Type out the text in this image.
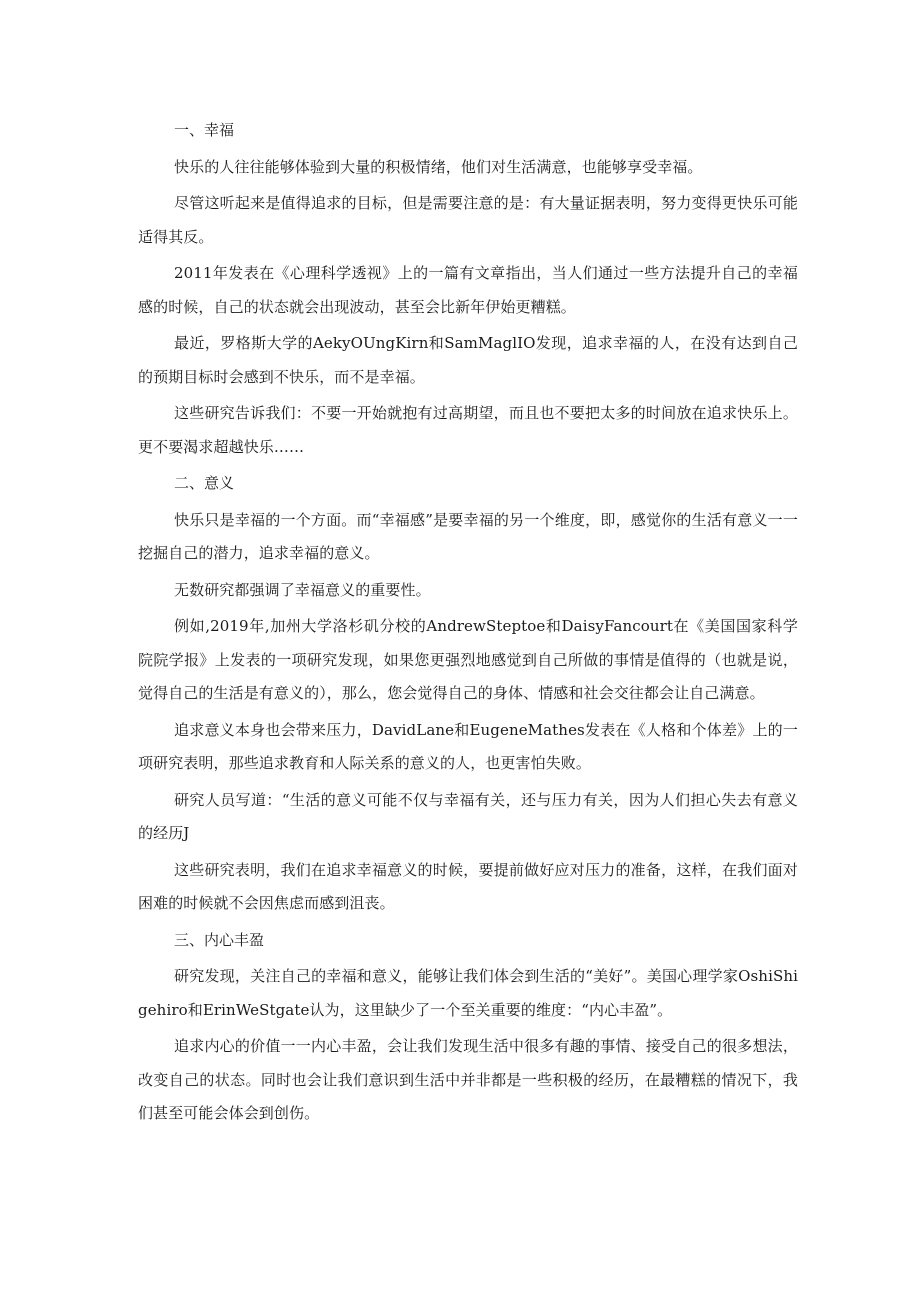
一、幸福

快乐的人往往能够体验到大量的积极情绪，他们对生活满意，也能够享受幸福。

尽管这听起来是值得追求的目标，但是需要注意的是：有大量证据表明，努力变得更快乐可能适得其反。

2011年发表在《心理科学透视》上的一篇有文章指出，当人们通过一些方法提升自己的幸福感的时候，自己的状态就会出现波动，甚至会比新年伊始更糟糕。

最近，罗格斯大学的AekyOUngKirn和SamMaglIO发现，追求幸福的人，在没有达到自己的预期目标时会感到不快乐，而不是幸福。

这些研究告诉我们：不要一开始就抱有过高期望，而且也不要把太多的时间放在追求快乐上。更不要渴求超越快乐……

二、意义

快乐只是幸福的一个方面。而“幸福感”是要幸福的另一个维度，即，感觉你的生活有意义一一挖掘自己的潜力，追求幸福的意义。

无数研究都强调了幸福意义的重要性。

例如,2019年,加州大学洛杉矶分校的AndrewSteptoe和DaisyFancourt在《美国国家科学院院学报》上发表的一项研究发现，如果您更强烈地感觉到自己所做的事情是值得的（也就是说，觉得自己的生活是有意义的），那么，您会觉得自己的身体、情感和社会交往都会让自己满意。

追求意义本身也会带来压力，DavidLane和EugeneMathes发表在《人格和个体差》上的一项研究表明，那些追求教育和人际关系的意义的人，也更害怕失败。

研究人员写道：“生活的意义可能不仅与幸福有关，还与压力有关，因为人们担心失去有意义的经历J

这些研究表明，我们在追求幸福意义的时候，要提前做好应对压力的准备，这样，在我们面对困难的时候就不会因焦虑而感到沮丧。

三、内心丰盈

研究发现，关注自己的幸福和意义，能够让我们体会到生活的“美好”。美国心理学家OshiShigehiro和ErinWeStgate认为，这里缺少了一个至关重要的维度：“内心丰盈”。

追求内心的价值一一内心丰盈，会让我们发现生活中很多有趣的事情、接受自己的很多想法，改变自己的状态。同时也会让我们意识到生活中并非都是一些积极的经历，在最糟糕的情况下，我们甚至可能会体会到创伤。
